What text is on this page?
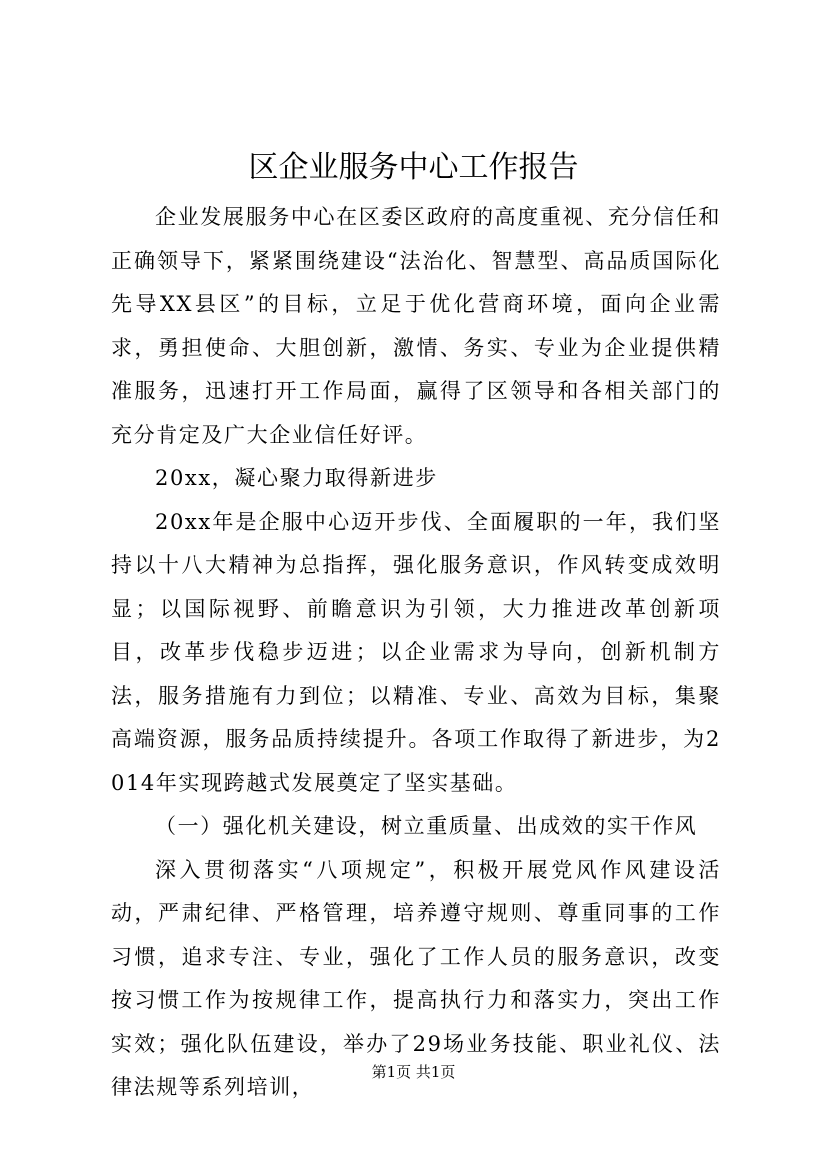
区企业服务中心工作报告

企业发展服务中心在区委区政府的高度重视、充分信任和正确领导下，紧紧围绕建设“法治化、智慧型、高品质国际化先导XX县区”的目标，立足于优化营商环境，面向企业需求，勇担使命、大胆创新，激情、务实、专业为企业提供精准服务，迅速打开工作局面，赢得了区领导和各相关部门的充分肯定及广大企业信任好评。

20xx，凝心聚力取得新进步

20xx年是企服中心迈开步伐、全面履职的一年，我们坚持以十八大精神为总指挥，强化服务意识，作风转变成效明显；以国际视野、前瞻意识为引领，大力推进改革创新项目，改革步伐稳步迈进；以企业需求为导向，创新机制方法，服务措施有力到位；以精准、专业、高效为目标，集聚高端资源，服务品质持续提升。各项工作取得了新进步，为2014年实现跨越式发展奠定了坚实基础。

（一）强化机关建设，树立重质量、出成效的实干作风

深入贯彻落实“八项规定”，积极开展党风作风建设活动，严肃纪律、严格管理，培养遵守规则、尊重同事的工作习惯，追求专注、专业，强化了工作人员的服务意识，改变按习惯工作为按规律工作，提高执行力和落实力，突出工作实效；强化队伍建设，举办了29场业务技能、职业礼仪、法律法规等系列培训，

第1页 共1页
